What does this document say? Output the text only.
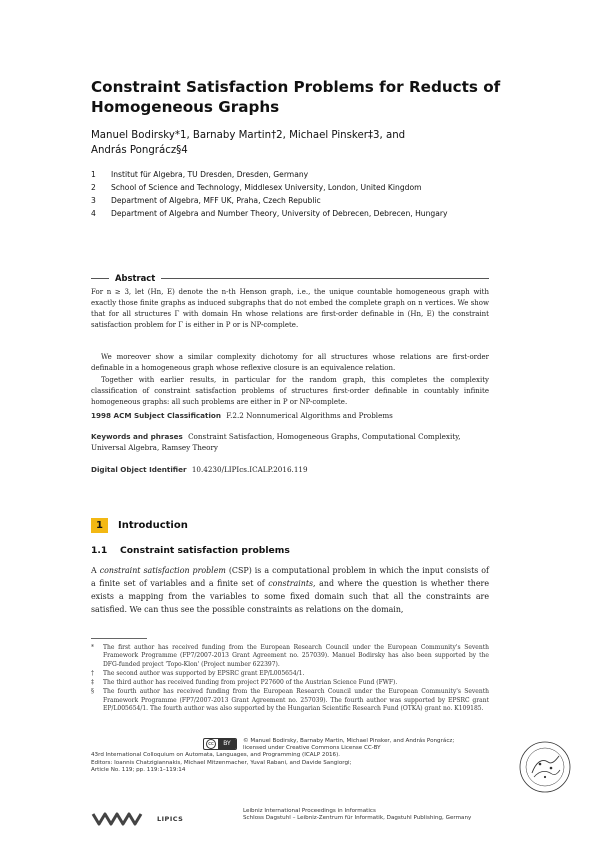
Constraint Satisfaction Problems for Reducts of
Homogeneous Graphs
Manuel Bodirsky*1, Barnaby Martin†2, Michael Pinsker‡3, and
András Pongrácz§4
1	Institut für Algebra, TU Dresden, Dresden, Germany
2	School of Science and Technology, Middlesex University, London, United Kingdom
3	Department of Algebra, MFF UK, Praha, Czech Republic
4	Department of Algebra and Number Theory, University of Debrecen, Debrecen, Hungary
Abstract

For n ≥ 3, let (Hn, E) denote the n-th Henson graph, i.e., the unique countable homogeneous graph with exactly those finite graphs as induced subgraphs that do not embed the complete graph on n vertices. We show that for all structures Γ with domain Hn whose relations are first-order definable in (Hn, E) the constraint satisfaction problem for Γ is either in P or is NP-complete.

We moreover show a similar complexity dichotomy for all structures whose relations are first-order definable in a homogeneous graph whose reflexive closure is an equivalence relation.

Together with earlier results, in particular for the random graph, this completes the complexity classification of constraint satisfaction problems of structures first-order definable in countably infinite homogeneous graphs: all such problems are either in P or NP-complete.

1998 ACM Subject Classification F.2.2 Nonnumerical Algorithms and Problems
Keywords and phrases Constraint Satisfaction, Homogeneous Graphs, Computational Complexity, Universal Algebra, Ramsey Theory
Digital Object Identifier 10.4230/LIPIcs.ICALP.2016.119
1	Introduction
1.1 Constraint satisfaction problems

A constraint satisfaction problem (CSP) is a computational problem in which the input consists of a finite set of variables and a finite set of constraints, and where the question is whether there exists a mapping from the variables to some fixed domain such that all the constraints are satisfied. We can thus see the possible constraints as relations on the domain,

*	The first author has received funding from the European Research Council under the European Community's Seventh Framework Programme (FP7/2007-2013 Grant Agreement no. 257039). Manuel Bodirsky has also been supported by the DFG-funded project 'Topo-Klon' (Project number 622397).
†	The second author was supported by EPSRC grant EP/L005654/1.
‡	The third author has received funding from project P27600 of the Austrian Science Fund (FWF).
§	The fourth author has received funding from the European Research Council under the European Community's Seventh Framework Programme (FP7/2007-2013 Grant Agreement no. 257039). The fourth author was supported by EPSRC grant EP/L005654/1. The fourth author was also supported by the Hungarian Scientific Research Fund (OTKA) grant no. K109185.
cc	BY	© Manuel Bodirsky, Barnaby Martin, Michael Pinsker, and András Pongrácz;
licensed under Creative Commons License CC-BY
43rd International Colloquium on Automata, Languages, and Programming (ICALP 2016).
Editors: Ioannis Chatzigiannakis, Michael Mitzenmacher, Yuval Rabani, and Davide Sangiorgi;
Article No. 119; pp. 119:1–119:14
LIPICS
Leibniz International Proceedings in Informatics
Schloss Dagstuhl – Leibniz-Zentrum für Informatik, Dagstuhl Publishing, Germany
